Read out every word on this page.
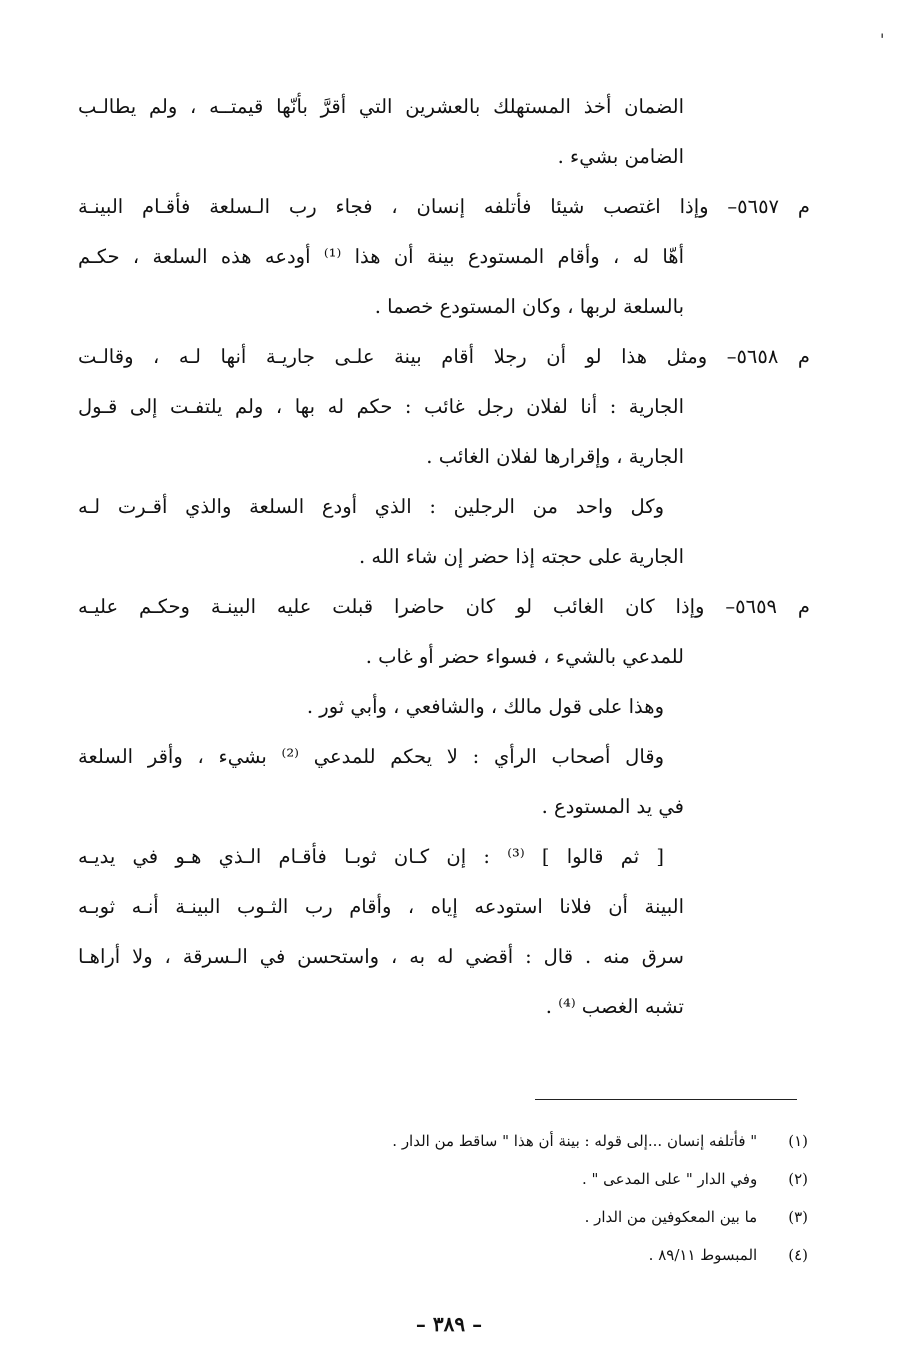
'
الضمان أخذ المستهلك بالعشرين التي أقرَّ بأنّها قيمتــه ، ولم يطالـب
الضامن بشيء .
م ٥٦٥٧– وإذا اغتصب شيئا فأتلفه إنسان ، فجاء رب الـسلعة فأقـام البينـة
أهّا له ، وأقام المستودع بينة أن هذا ⁽¹⁾ أودعه هذه السلعة ، حكـم
بالسلعة لربها ، وكان المستودع خصما .
م ٥٦٥٨– ومثل هذا لو أن رجلا أقام بينة علـى جاريـة أنها لـه ، وقالـت
الجارية : أنا لفلان رجل غائب : حكم له بها ، ولم يلتفـت إلى قـول
الجارية ، وإقرارها لفلان الغائب .
وكل واحد من الرجلين : الذي أودع السلعة والذي أقـرت لـه
الجارية على حجته إذا حضر إن شاء الله .
م ٥٦٥٩– وإذا كان الغائب لو كان حاضرا قبلت عليه البينـة وحكـم عليـه
للمدعي بالشيء ، فسواء حضر أو غاب .
وهذا على قول مالك ، والشافعي ، وأبي ثور .
وقال أصحاب الرأي : لا يحكم للمدعي ⁽²⁾ بشيء ، وأقر السلعة
في يد المستودع .
[ ثم قالوا ] ⁽³⁾ : إن كـان ثوبـا فأقـام الـذي هـو في يديـه
البينة أن فلانا استودعه إياه ، وأقام رب الثـوب البينـة أنـه ثوبـه
سرق منه . قال : أقضي له به ، واستحسن في الـسرقة ، ولا أراهـا
تشبه الغصب ⁽⁴⁾ .
(١) " فأتلفه إنسان ...إلى قوله : بينة أن هذا " ساقط من الدار .
(٢) وفي الدار " على المدعى " .
(٣) ما بين المعكوفين من الدار .
(٤) المبسوط ٨٩/١١ .
– ٣٨٩ –
